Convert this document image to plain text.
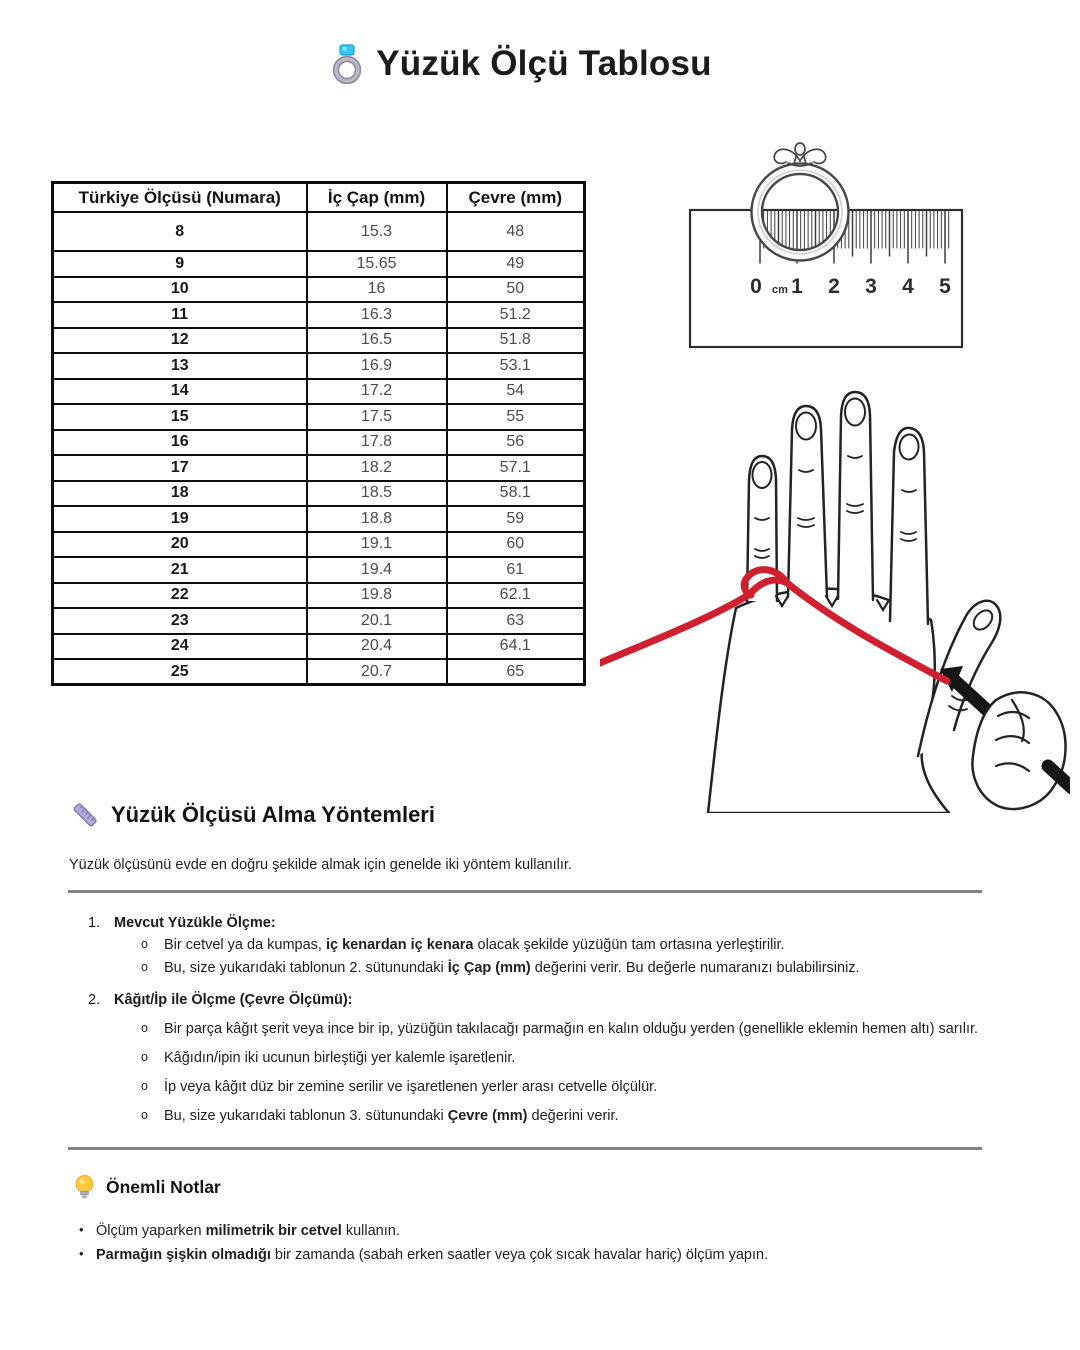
Yüzük Ölçü Tablosu
Türkiye Ölçüsü (Numara)	İç Çap (mm)	Çevre (mm)
8	15.3	48
9	15.65	49
10	16	50
11	16.3	51.2
12	16.5	51.8
13	16.9	53.1
14	17.2	54
15	17.5	55
16	17.8	56
17	18.2	57.1
18	18.5	58.1
19	18.8	59
20	19.1	60
21	19.4	61
22	19.8	62.1
23	20.1	63
24	20.4	64.1
25	20.7	65
0 cm 1 2 3 4 5
Yüzük Ölçüsü Alma Yöntemleri
Yüzük ölçüsünü evde en doğru şekilde almak için genelde iki yöntem kullanılır.
1. Mevcut Yüzükle Ölçme:
o	Bir cetvel ya da kumpas, iç kenardan iç kenara olacak şekilde yüzüğün tam ortasına yerleştirilir.
o	Bu, size yukarıdaki tablonun 2. sütunundaki İç Çap (mm) değerini verir. Bu değerle numaranızı bulabilirsiniz.
2. Kâğıt/İp ile Ölçme (Çevre Ölçümü):
o	Bir parça kâğıt şerit veya ince bir ip, yüzüğün takılacağı parmağın en kalın olduğu yerden (genellikle eklemin hemen altı) sarılır.
o	Kâğıdın/ipin iki ucunun birleştiği yer kalemle işaretlenir.
o	İp veya kâğıt düz bir zemine serilir ve işaretlenen yerler arası cetvelle ölçülür.
o	Bu, size yukarıdaki tablonun 3. sütunundaki Çevre (mm) değerini verir.
Önemli Notlar
• Ölçüm yaparken milimetrik bir cetvel kullanın.
• Parmağın şişkin olmadığı bir zamanda (sabah erken saatler veya çok sıcak havalar hariç) ölçüm yapın.
